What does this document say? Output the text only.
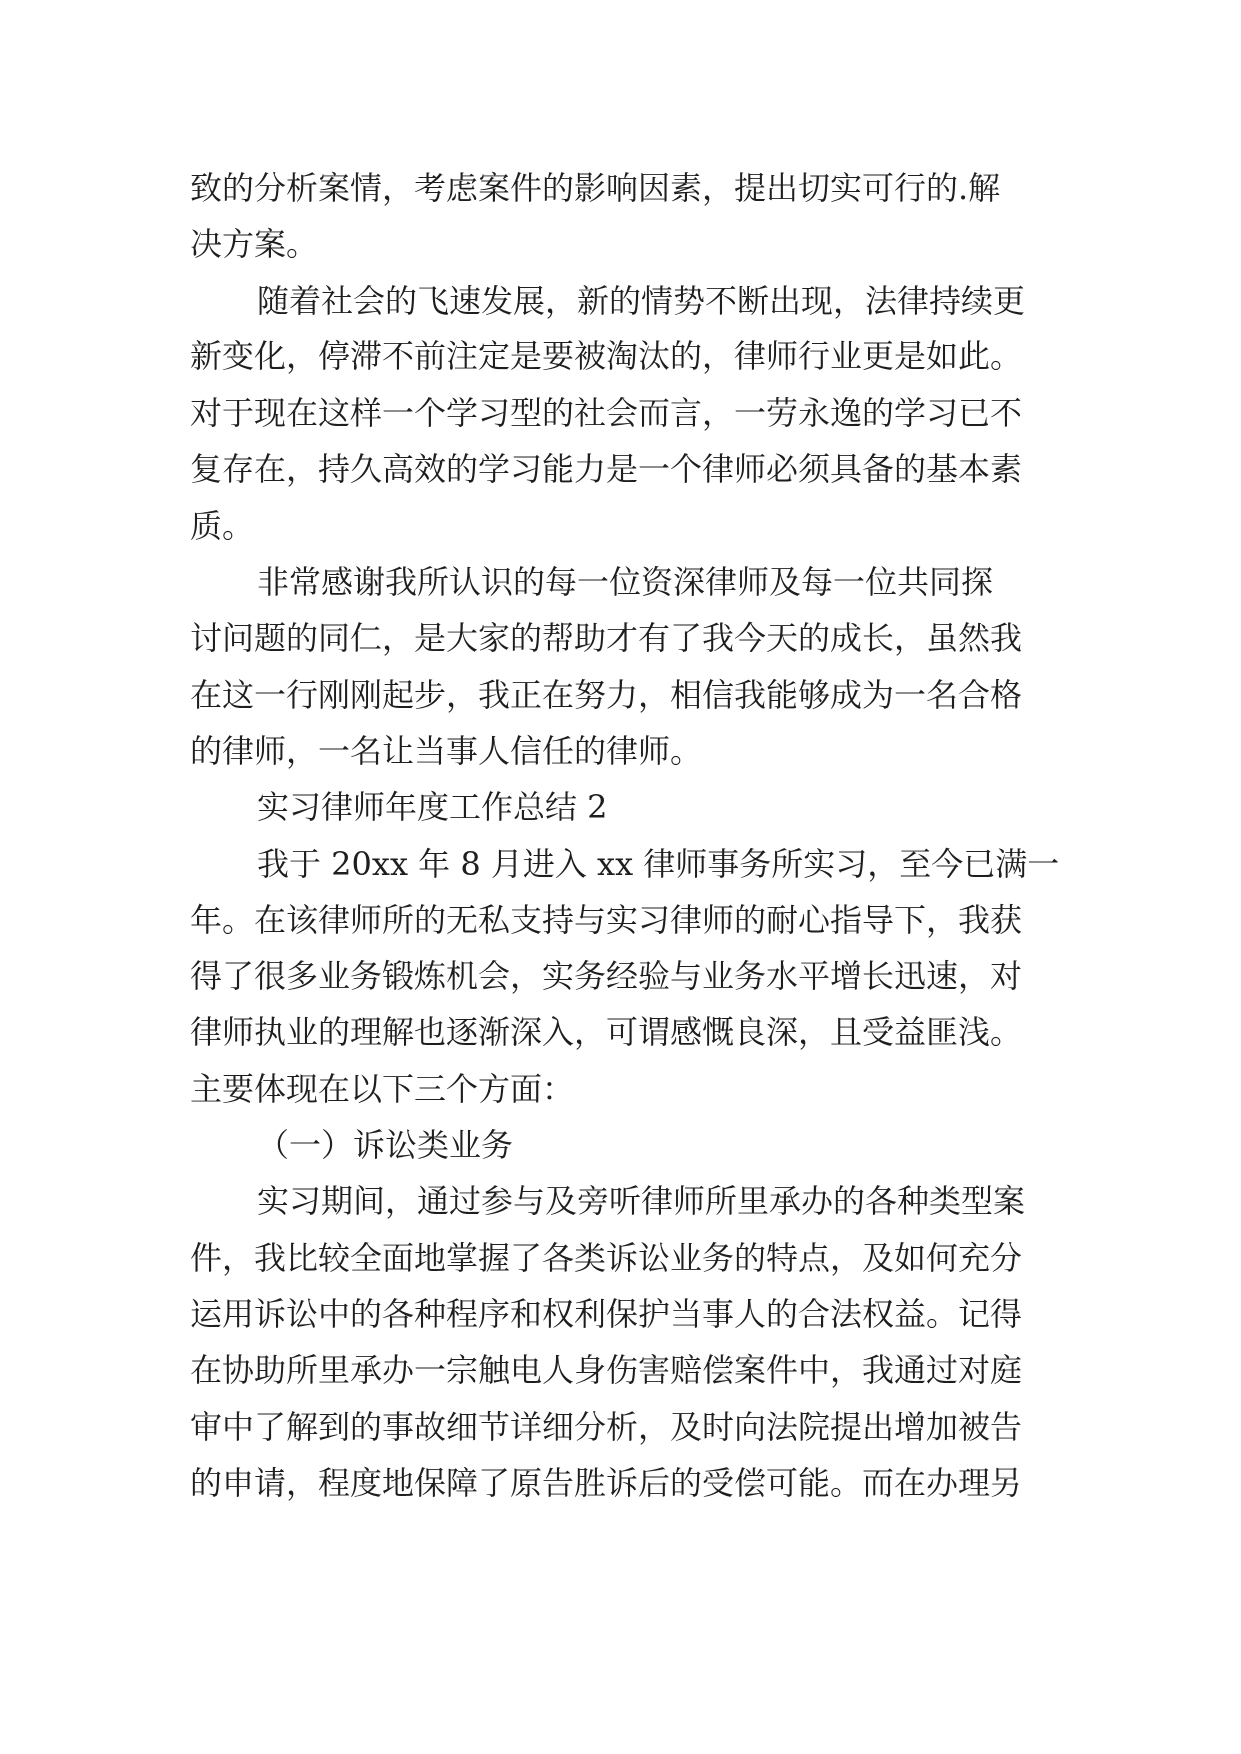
致的分析案情，考虑案件的影响因素，提出切实可行的.解
决方案。
随着社会的飞速发展，新的情势不断出现，法律持续更
新变化，停滞不前注定是要被淘汰的，律师行业更是如此。
对于现在这样一个学习型的社会而言，一劳永逸的学习已不
复存在，持久高效的学习能力是一个律师必须具备的基本素
质。
非常感谢我所认识的每一位资深律师及每一位共同探
讨问题的同仁，是大家的帮助才有了我今天的成长，虽然我
在这一行刚刚起步，我正在努力，相信我能够成为一名合格
的律师，一名让当事人信任的律师。
实习律师年度工作总结 2
我于 20xx 年 8 月进入 xx 律师事务所实习，至今已满一
年。在该律师所的无私支持与实习律师的耐心指导下，我获
得了很多业务锻炼机会，实务经验与业务水平增长迅速，对
律师执业的理解也逐渐深入，可谓感慨良深，且受益匪浅。
主要体现在以下三个方面：
（一）诉讼类业务
实习期间，通过参与及旁听律师所里承办的各种类型案
件，我比较全面地掌握了各类诉讼业务的特点，及如何充分
运用诉讼中的各种程序和权利保护当事人的合法权益。记得
在协助所里承办一宗触电人身伤害赔偿案件中，我通过对庭
审中了解到的事故细节详细分析，及时向法院提出增加被告
的申请，程度地保障了原告胜诉后的受偿可能。而在办理另
